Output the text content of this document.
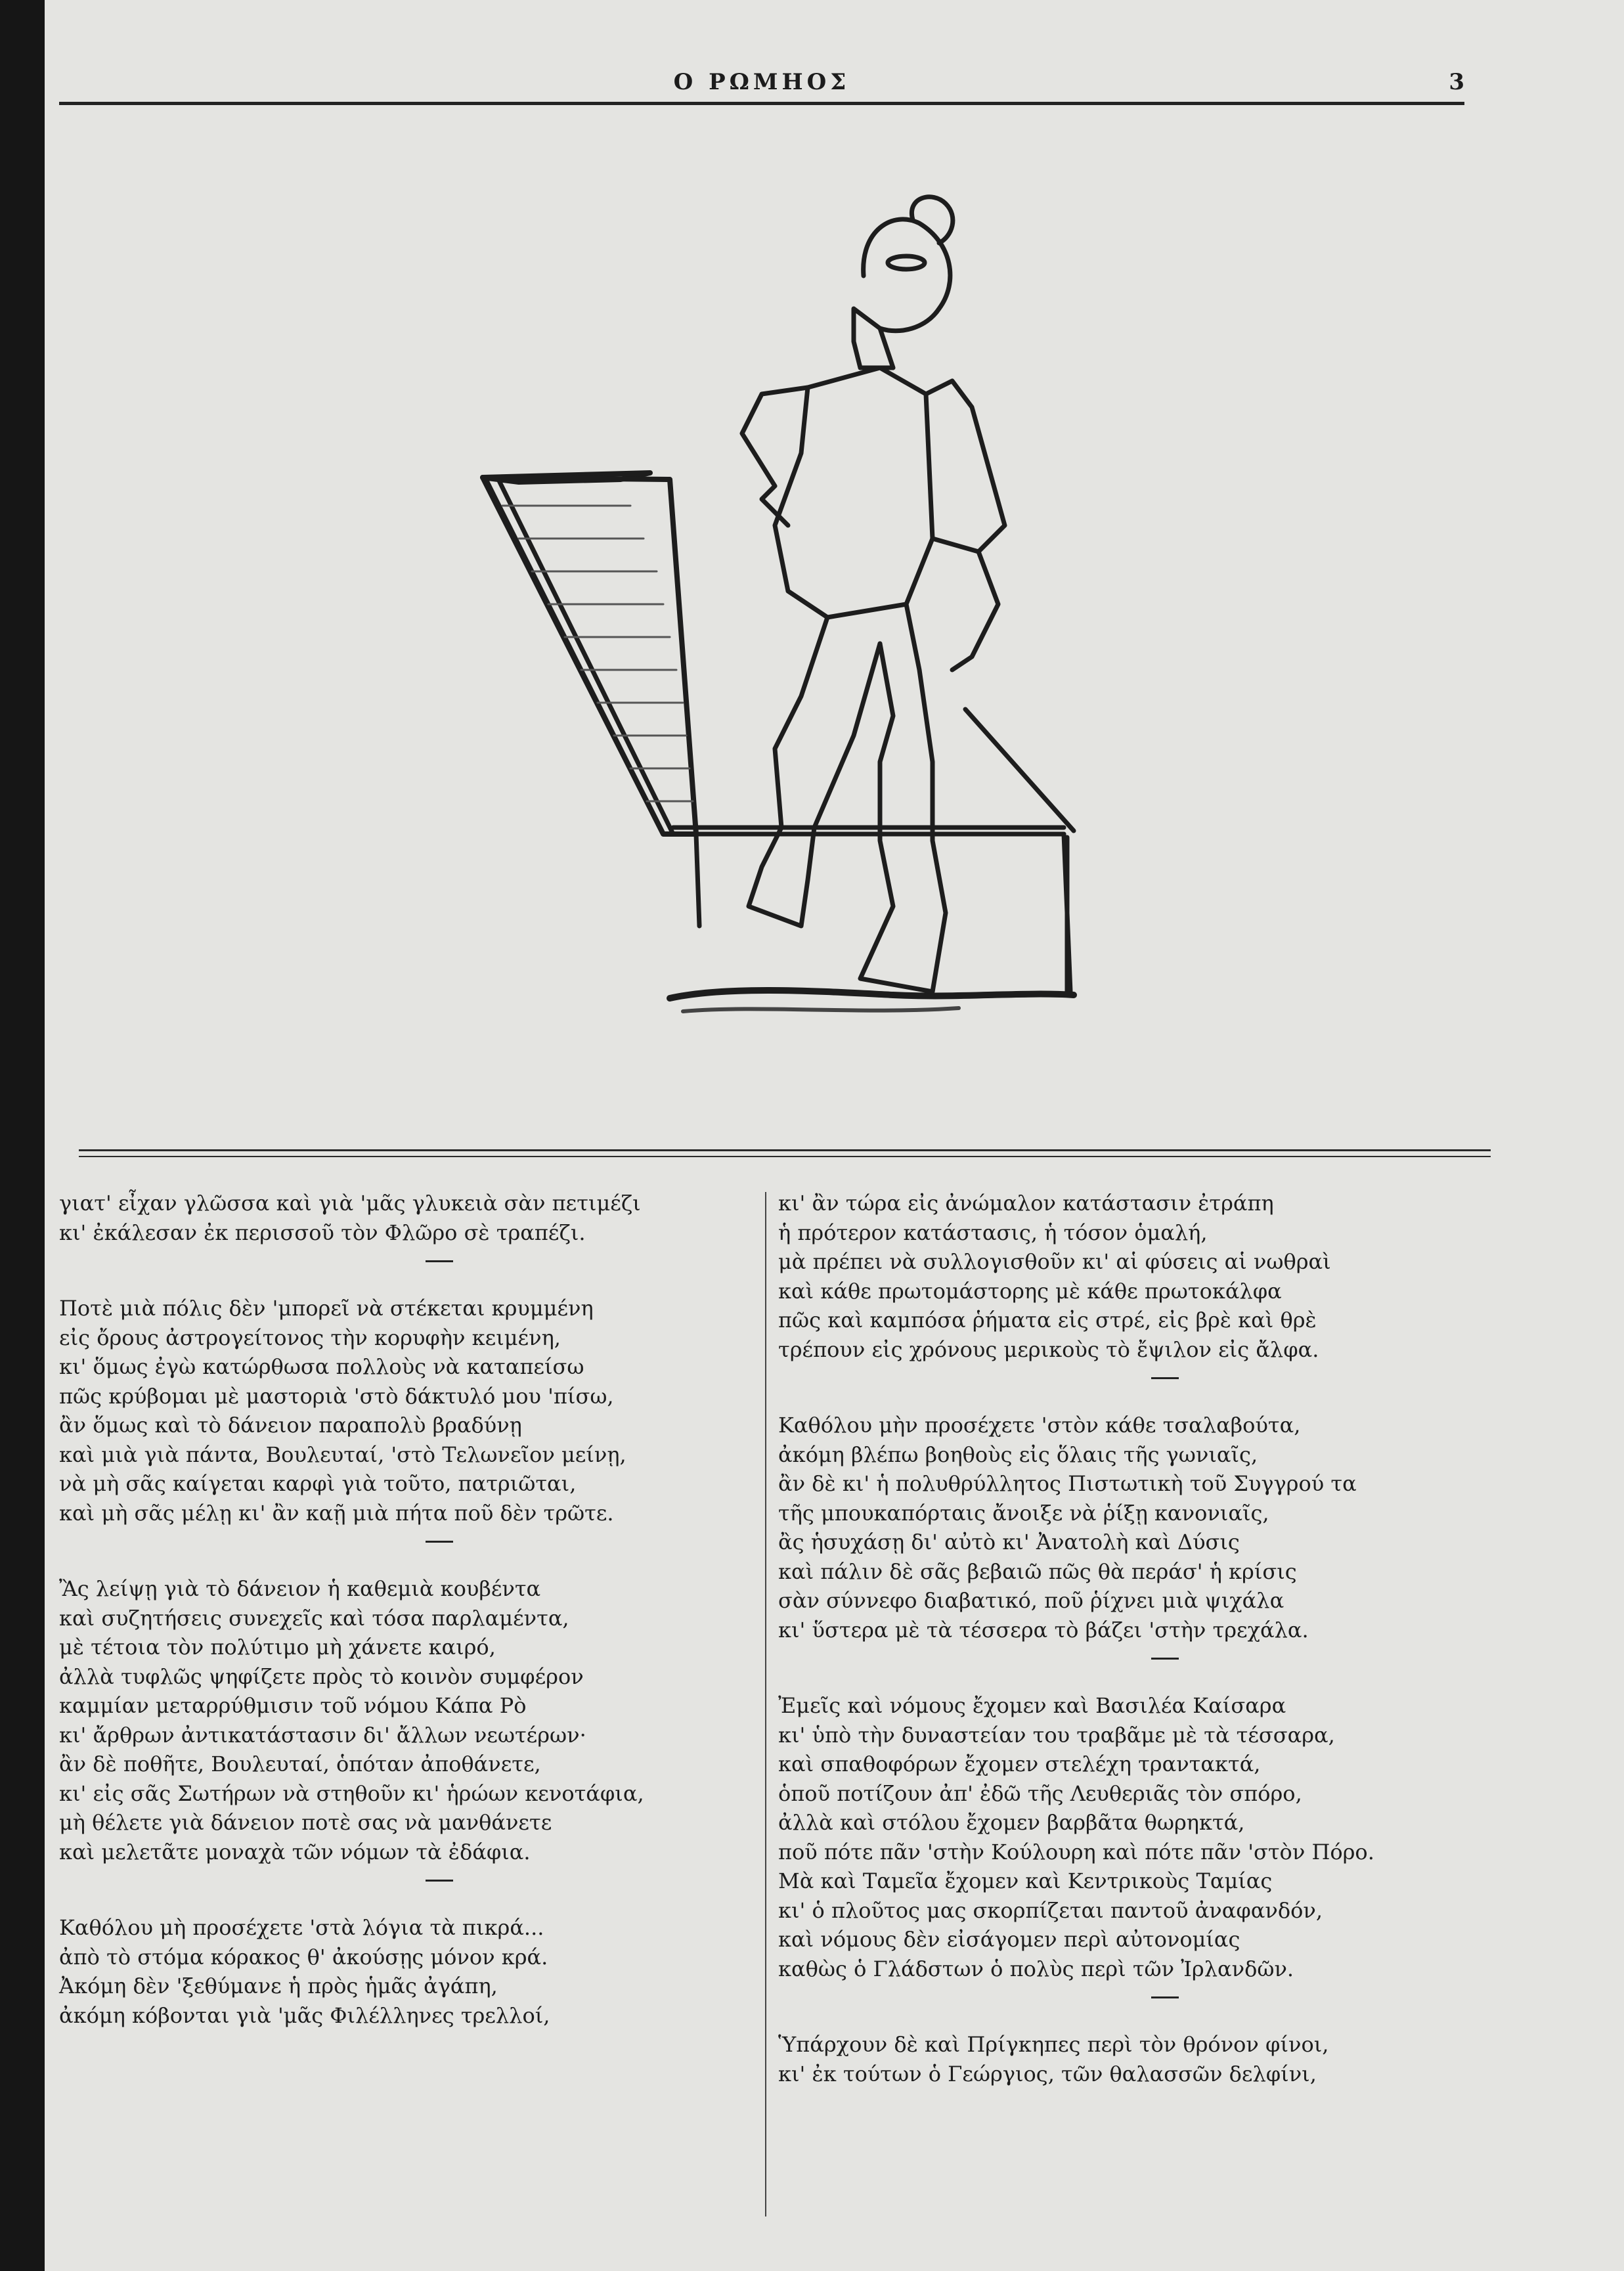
Ο ΡΩΜΗΟΣ	3

γιατ' εἶχαν γλῶσσα καὶ γιὰ 'μᾶς γλυκειὰ σὰν πετιμέζι

κι' ἐκάλεσαν ἐκ περισσοῦ τὸν Φλῶρο σὲ τραπέζι.

Ποτὲ μιὰ πόλις δὲν 'μπορεῖ νὰ στέκεται κρυμμένη

εἰς ὄρους ἀστρογείτονος τὴν κορυφὴν κειμένη,

κι' ὅμως ἐγὼ κατώρθωσα πολλοὺς νὰ καταπείσω

πῶς κρύβομαι μὲ μαστοριὰ 'στὸ δάκτυλό μου 'πίσω,

ἂν ὅμως καὶ τὸ δάνειον παραπολὺ βραδύνῃ

καὶ μιὰ γιὰ πάντα, Βουλευταί, 'στὸ Τελωνεῖον μείνῃ,

νὰ μὴ σᾶς καίγεται καρφὶ γιὰ τοῦτο, πατριῶται,

καὶ μὴ σᾶς μέλῃ κι' ἂν καῇ μιὰ πήτα ποῦ δὲν τρῶτε.

Ἂς λείψῃ γιὰ τὸ δάνειον ἡ καθεμιὰ κουβέντα

καὶ συζητήσεις συνεχεῖς καὶ τόσα παρλαμέντα,

μὲ τέτοια τὸν πολύτιμο μὴ χάνετε καιρό,

ἀλλὰ τυφλῶς ψηφίζετε πρὸς τὸ κοινὸν συμφέρον

καμμίαν μεταρρύθμισιν τοῦ νόμου Κάπα Ρὸ

κι' ἄρθρων ἀντικατάστασιν δι' ἄλλων νεωτέρων·

ἂν δὲ ποθῆτε, Βουλευταί, ὁπόταν ἀποθάνετε,

κι' εἰς σᾶς Σωτήρων νὰ στηθοῦν κι' ἡρώων κενοτάφια,

μὴ θέλετε γιὰ δάνειον ποτὲ σας νὰ μανθάνετε

καὶ μελετᾶτε μοναχὰ τῶν νόμων τὰ ἐδάφια.

Καθόλου μὴ προσέχετε 'στὰ λόγια τὰ πικρά...

ἀπὸ τὸ στόμα κόρακος θ' ἀκούσῃς μόνον κρά.

Ἀκόμη δὲν 'ξεθύμανε ἡ πρὸς ἡμᾶς ἀγάπη,

ἀκόμη κόβονται γιὰ 'μᾶς Φιλέλληνες τρελλοί,

κι' ἂν τώρα εἰς ἀνώμαλον κατάστασιν ἐτράπη

ἡ πρότερον κατάστασις, ἡ τόσον ὁμαλή,

μὰ πρέπει νὰ συλλογισθοῦν κι' αἱ φύσεις αἱ νωθραὶ

καὶ κάθε πρωτομάστορης μὲ κάθε πρωτοκάλφα

πῶς καὶ καμπόσα ῥήματα εἰς στρέ, εἰς βρὲ καὶ θρὲ

τρέπουν εἰς χρόνους μερικοὺς τὸ ἔψιλον εἰς ἄλφα.

Καθόλου μὴν προσέχετε 'στὸν κάθε τσαλαβούτα,

ἀκόμη βλέπω βοηθοὺς εἰς ὅλαις τῆς γωνιαῖς,

ἂν δὲ κι' ἡ πολυθρύλλητος Πιστωτικὴ τοῦ Συγγρού τα

τῆς μπουκαπόρταις ἄνοιξε νὰ ῥίξῃ κανονιαῖς,

ἂς ἡσυχάσῃ δι' αὐτὸ κι' Ἀνατολὴ καὶ Δύσις

καὶ πάλιν δὲ σᾶς βεβαιῶ πῶς θὰ περάσ' ἡ κρίσις

σὰν σύννεφο διαβατικό, ποῦ ῥίχνει μιὰ ψιχάλα

κι' ὕστερα μὲ τὰ τέσσερα τὸ βάζει 'στὴν τρεχάλα.

Ἐμεῖς καὶ νόμους ἔχομεν καὶ Βασιλέα Καίσαρα

κι' ὑπὸ τὴν δυναστείαν του τραβᾶμε μὲ τὰ τέσσαρα,

καὶ σπαθοφόρων ἔχομεν στελέχη τραντακτά,

ὁποῦ ποτίζουν ἀπ' ἐδῶ τῆς Λευθεριᾶς τὸν σπόρο,

ἀλλὰ καὶ στόλου ἔχομεν βαρβᾶτα θωρηκτά,

ποῦ πότε πᾶν 'στὴν Κούλουρη καὶ πότε πᾶν 'στὸν Πόρο.

Μὰ καὶ Ταμεῖα ἔχομεν καὶ Κεντρικοὺς Ταμίας

κι' ὁ πλοῦτος μας σκορπίζεται παντοῦ ἀναφανδόν,

καὶ νόμους δὲν εἰσάγομεν περὶ αὐτονομίας

καθὼς ὁ Γλάδστων ὁ πολὺς περὶ τῶν Ἰρλανδῶν.

Ὑπάρχουν δὲ καὶ Πρίγκηπες περὶ τὸν θρόνον φίνοι,

κι' ἐκ τούτων ὁ Γεώργιος, τῶν θαλασσῶν δελφίνι,
